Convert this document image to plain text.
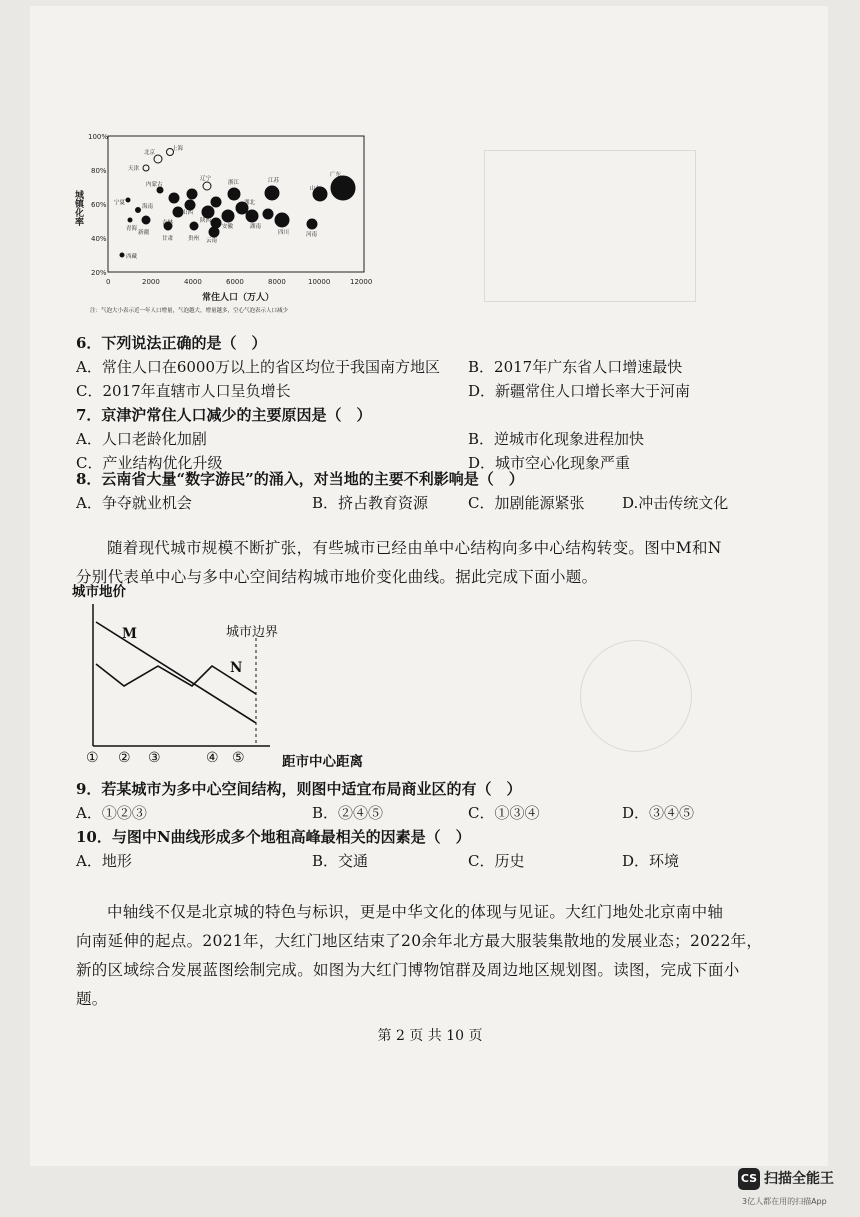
100%
80%
60%
40%
20%
0	2000	4000	6000	8000	10000	12000
城镇化率
常住人口（万人）
注：气泡大小表示近一年人口增量，气泡越大，增量越多，空心气泡表示人口减少
北京
上海
天津
内蒙古
宁夏
青海
海南
吉林
新疆
甘肃
山西
陕西
贵州 云南
辽宁
浙江
湖北
安徽	湖南
江苏
四川
山东
河南
广东
西藏
6．下列说法正确的是（　）
A．常住人口在6000万以上的省区均位于我国南方地区 B．2017年广东省人口增速最快
C．2017年直辖市人口呈负增长	D．新疆常住人口增长率大于河南
7．京津沪常住人口减少的主要原因是（　）
A．人口老龄化加剧	B．逆城市化现象进程加快
C．产业结构优化升级	D．城市空心化现象严重
8．云南省大量“数字游民”的涌入，对当地的主要不利影响是（　）
A．争夺就业机会	B．挤占教育资源	C．加剧能源紧张	D.冲击传统文化
随着现代城市规模不断扩张，有些城市已经由单中心结构向多中心结构转变。图中M和N
分别代表单中心与多中心空间结构城市地价变化曲线。据此完成下面小题。
城市地价
城市边界
M
N
① ② ③	④ ⑤	距市中心距离
9．若某城市为多中心空间结构，则图中适宜布局商业区的有（　）
A．①②③	B．②④⑤	C．①③④	D．③④⑤
10．与图中N曲线形成多个地租高峰最相关的因素是（　）
A．地形	B．交通	C．历史	D．环境
中轴线不仅是北京城的特色与标识，更是中华文化的体现与见证。大红门地处北京南中轴
向南延伸的起点。2021年，大红门地区结束了20余年北方最大服装集散地的发展业态；2022年，
新的区域综合发展蓝图绘制完成。如图为大红门博物馆群及周边地区规划图。读图，完成下面小
题。
第 2 页 共 10 页
CS 扫描全能王
3亿人都在用的扫描App
